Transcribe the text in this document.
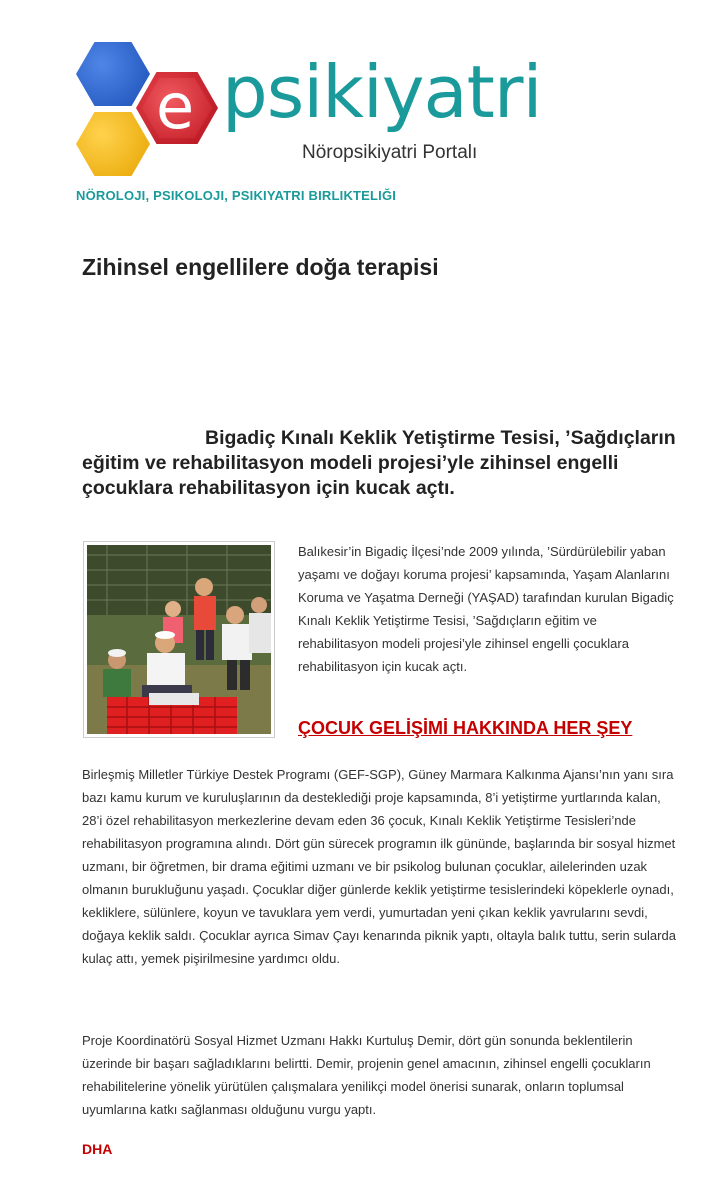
e psikiyatri
Nöropsikiyatri Portalı
NÖROLOJI, PSIKOLOJI, PSIKIYATRI BIRLIKTELIĞI
Zihinsel engellilere doğa terapisi

Bigadiç Kınalı Keklik Yetiştirme Tesisi, ’Sağdıçların eğitim ve rehabilitasyon modeli projesi’yle zihinsel engelli çocuklara rehabilitasyon için kucak açtı.

Balıkesir’in Bigadiç İlçesi’nde 2009 yılında, ’Sürdürülebilir yaban yaşamı ve doğayı koruma projesi’ kapsamında, Yaşam Alanlarını Koruma ve Yaşatma Derneği (YAŞAD) tarafından kurulan Bigadiç Kınalı Keklik Yetiştirme Tesisi, ’Sağdıçların eğitim ve rehabilitasyon modeli projesi’yle zihinsel engelli çocuklara rehabilitasyon için kucak açtı.

ÇOCUK GELİŞİMİ HAKKINDA HER ŞEY

Birleşmiş Milletler Türkiye Destek Programı (GEF-SGP), Güney Marmara Kalkınma Ajansı’nın yanı sıra bazı kamu kurum ve kuruluşlarının da desteklediği proje kapsamında, 8’i yetiştirme yurtlarında kalan, 28’i özel rehabilitasyon merkezlerine devam eden 36 çocuk, Kınalı Keklik Yetiştirme Tesisleri’nde rehabilitasyon programına alındı. Dört gün sürecek programın ilk gününde, başlarında bir sosyal hizmet uzmanı, bir öğretmen, bir drama eğitimi uzmanı ve bir psikolog bulunan çocuklar, ailelerinden uzak olmanın burukluğunu yaşadı. Çocuklar diğer günlerde keklik yetiştirme tesislerindeki köpeklerle oynadı, kekliklere, sülünlere, koyun ve tavuklara yem verdi, yumurtadan yeni çıkan keklik yavrularını sevdi, doğaya keklik saldı. Çocuklar ayrıca Simav Çayı kenarında piknik yaptı, oltayla balık tuttu, serin sularda kulaç attı, yemek pişirilmesine yardımcı oldu.

Proje Koordinatörü Sosyal Hizmet Uzmanı Hakkı Kurtuluş Demir, dört gün sonunda beklentilerin üzerinde bir başarı sağladıklarını belirtti. Demir, projenin genel amacının, zihinsel engelli çocukların rehabilitelerine yönelik yürütülen çalışmalara yenilikçi model önerisi sunarak, onların toplumsal uyumlarına katkı sağlanması olduğunu vurgu yaptı.

DHA
